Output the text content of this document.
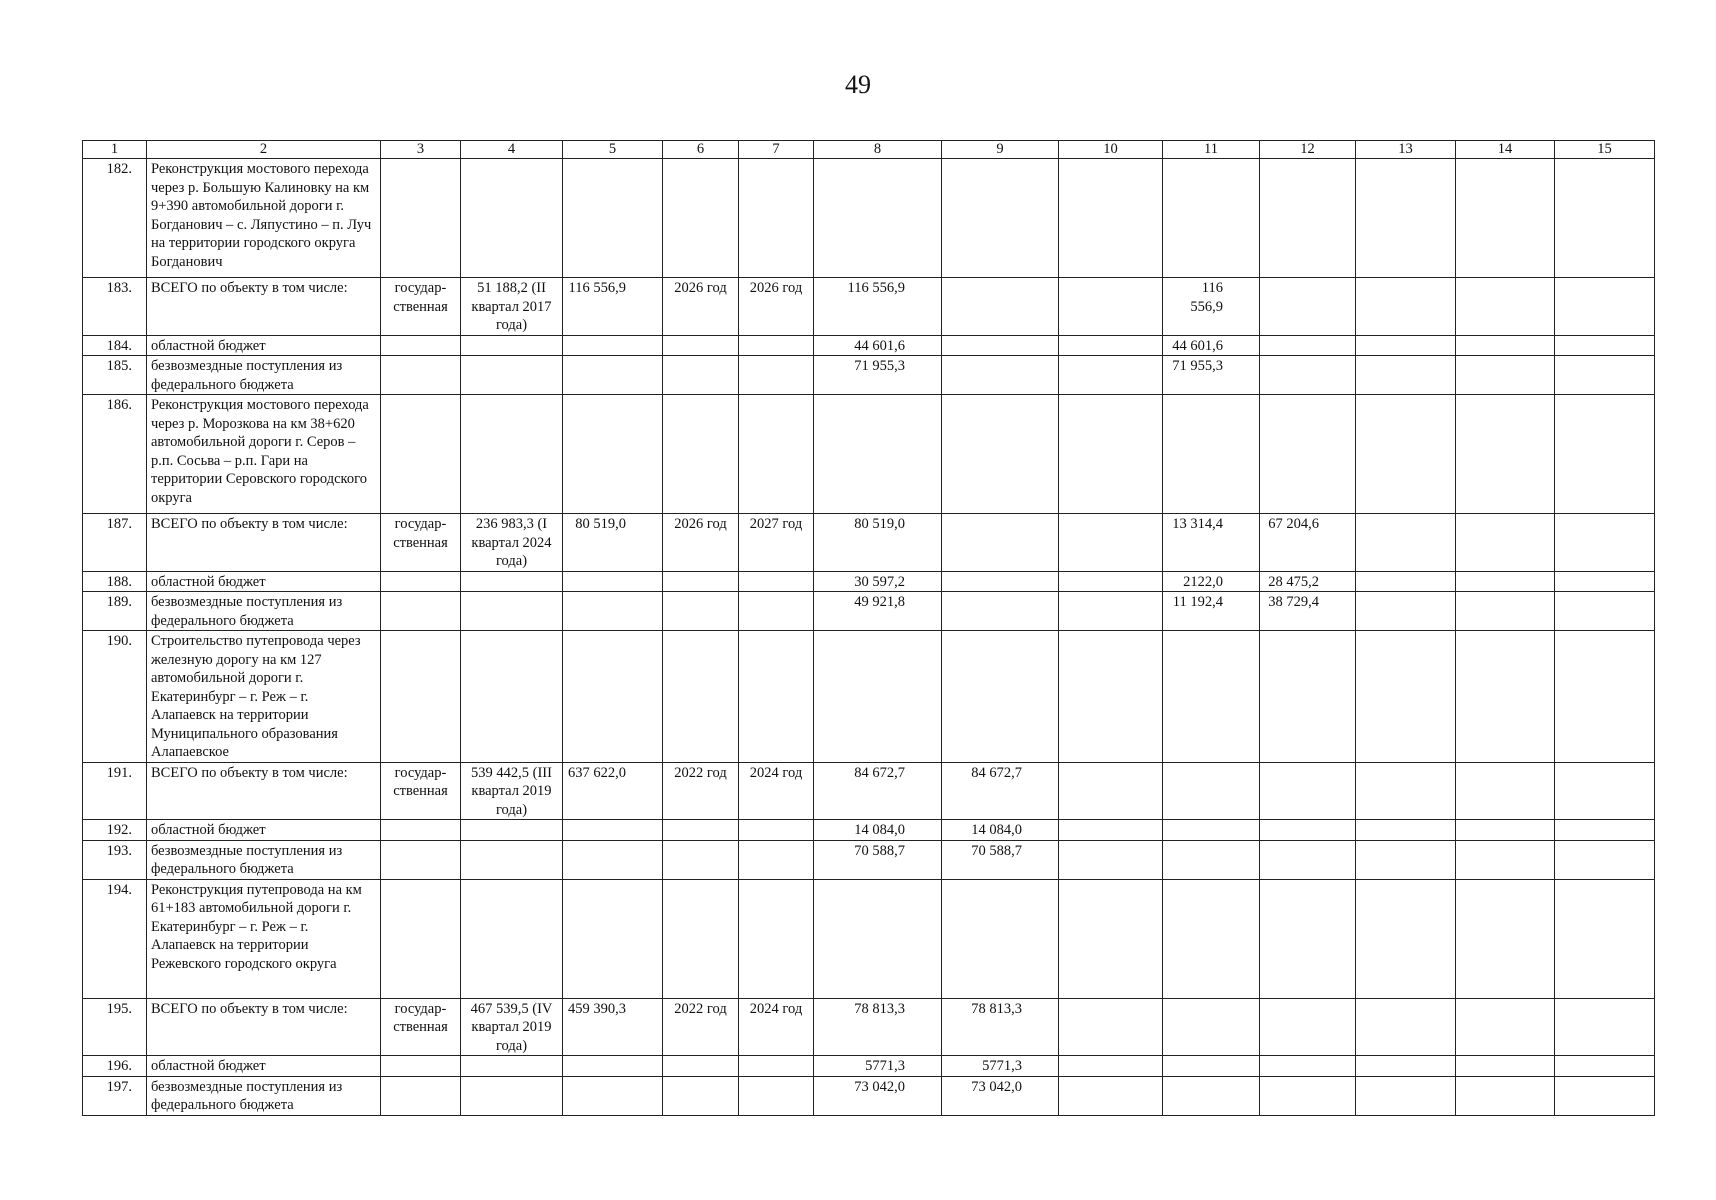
49
1	2	3	4	5	6	7	8	9	10	11	12	13	14	15
182.	Реконструкция мостового перехода через р. Большую Калиновку на км 9+390 автомобильной дороги г. Богданович – с. Ляпустино – п. Луч на территории городского округа Богданович													
183.	ВСЕГО по объекту в том числе:	государственная	51 188,2 (II квартал 2017 года)	116 556,9	2026 год	2026 год	116 556,9			116 556,9				
184.	областной бюджет						44 601,6			44 601,6				
185.	безвозмездные поступления из федерального бюджета						71 955,3			71 955,3				
186.	Реконструкция мостового перехода через р. Морозкова на км 38+620 автомобильной дороги г. Серов – р.п. Сосьва – р.п. Гари на территории Серовского городского округа													
187.	ВСЕГО по объекту в том числе:	государственная	236 983,3 (I квартал 2024 года)	80 519,0	2026 год	2027 год	80 519,0			13 314,4	67 204,6			
188.	областной бюджет						30 597,2			2122,0	28 475,2			
189.	безвозмездные поступления из федерального бюджета						49 921,8			11 192,4	38 729,4			
190.	Строительство путепровода через железную дорогу на км 127 автомобильной дороги г. Екатеринбург – г. Реж – г. Алапаевск на территории Муниципального образования Алапаевское													
191.	ВСЕГО по объекту в том числе:	государственная	539 442,5 (III квартал 2019 года)	637 622,0	2022 год	2024 год	84 672,7	84 672,7						
192.	областной бюджет						14 084,0	14 084,0						
193.	безвозмездные поступления из федерального бюджета						70 588,7	70 588,7						
194.	Реконструкция путепровода на км 61+183 автомобильной дороги г. Екатеринбург – г. Реж – г. Алапаевск на территории Режевского городского округа													
195.	ВСЕГО по объекту в том числе:	государственная	467 539,5 (IV квартал 2019 года)	459 390,3	2022 год	2024 год	78 813,3	78 813,3						
196.	областной бюджет						5771,3	5771,3						
197.	безвозмездные поступления из федерального бюджета						73 042,0	73 042,0						
